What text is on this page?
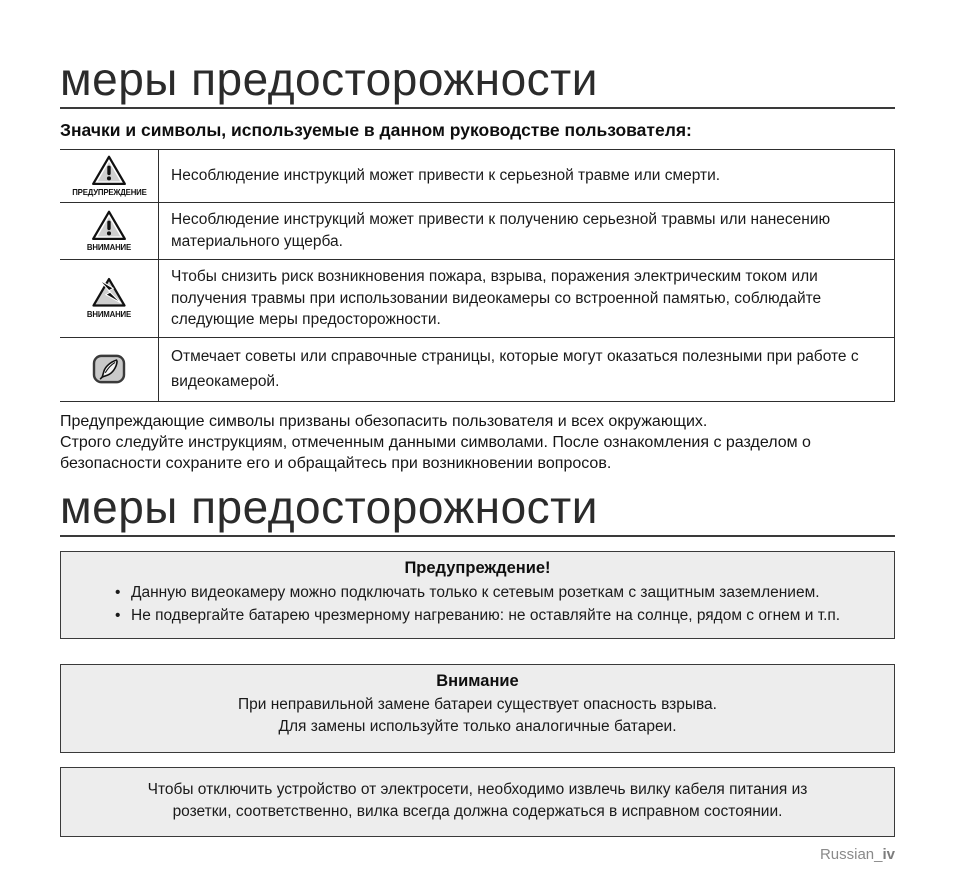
меры предосторожности
Значки и символы, используемые в данном руководстве пользователя:
ПРЕДУПРЕЖДЕНИЕ
Несоблюдение инструкций может привести к серьезной травме или смерти.
ВНИМАНИЕ
Несоблюдение инструкций может привести к получению серьезной травмы или нанесению материального ущерба.
ВНИМАНИЕ
Чтобы снизить риск возникновения пожара, взрыва, поражения электрическим током или получения травмы при использовании видеокамеры со встроенной памятью, соблюдайте следующие меры предосторожности.
Отмечает советы или справочные страницы, которые могут оказаться полезными при работе с видеокамерой.
Предупреждающие символы призваны обезопасить пользователя и всех окружающих.
Строго следуйте инструкциям, отмеченным данными символами. После ознакомления с разделом о
безопасности сохраните его и обращайтесь при возникновении вопросов.
меры предосторожности
Предупреждение!
• Данную видеокамеру можно подключать только к сетевым розеткам с защитным заземлением.
• Не подвергайте батарею чрезмерному нагреванию: не оставляйте на солнце, рядом с огнем и т.п.
Внимание
При неправильной замене батареи существует опасность взрыва.
Для замены используйте только аналогичные батареи.
Чтобы отключить устройство от электросети, необходимо извлечь вилку кабеля питания из
розетки, соответственно, вилка всегда должна содержаться в исправном состоянии.
Russian_iv
